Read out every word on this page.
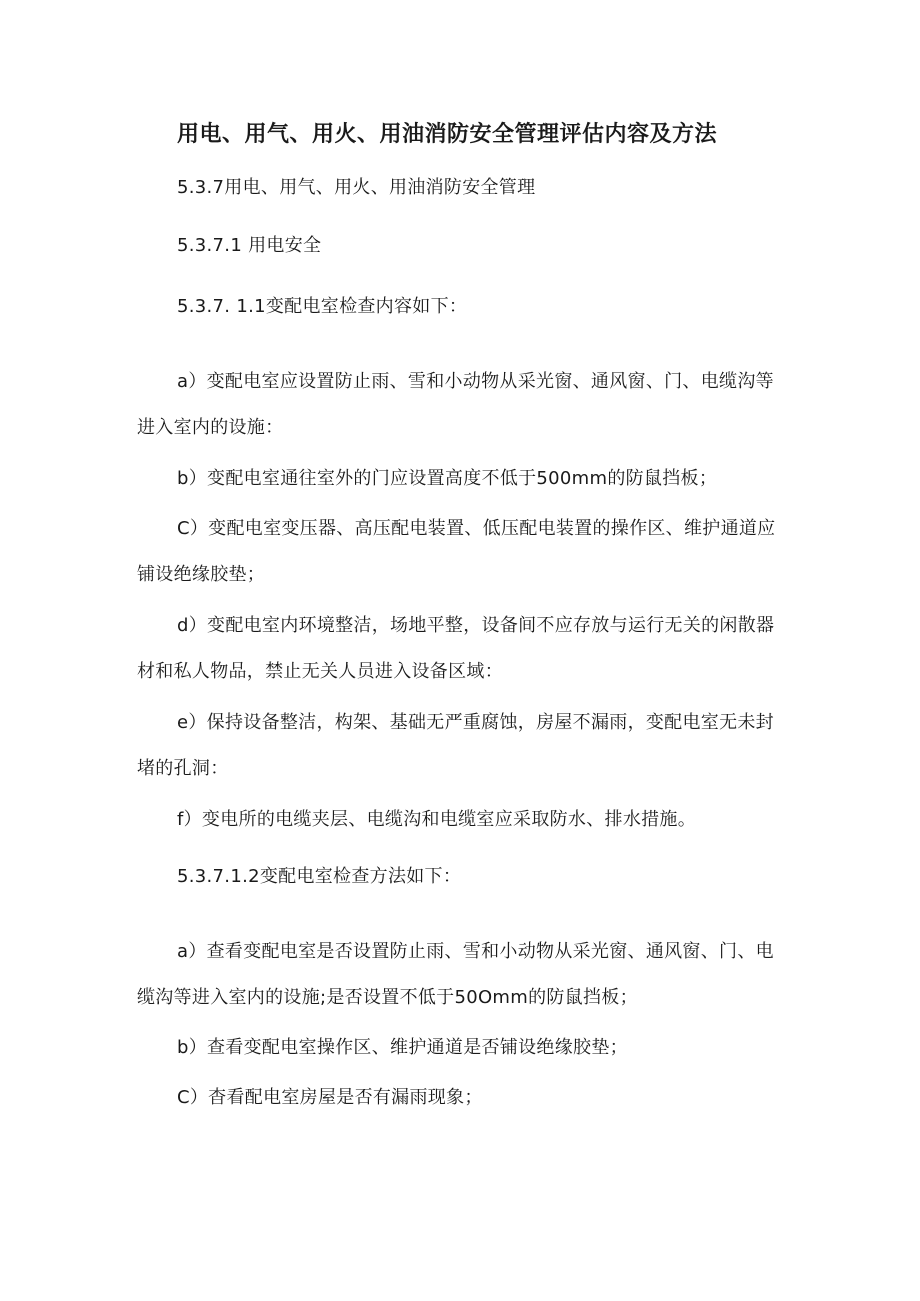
用电、用气、用火、用油消防安全管理评估内容及方法
5.3.7用电、用气、用火、用油消防安全管理
5.3.7.1 用电安全
5.3.7. 1.1变配电室检查内容如下：

a）变配电室应设置防止雨、雪和小动物从采光窗、通风窗、门、电缆沟等进入室内的设施：

b）变配电室通往室外的门应设置高度不低于500mm的防鼠挡板；

C）变配电室变压器、高压配电装置、低压配电装置的操作区、维护通道应铺设绝缘胶垫；

d）变配电室内环境整洁，场地平整，设备间不应存放与运行无关的闲散器材和私人物品，禁止无关人员进入设备区域：

e）保持设备整洁，构架、基础无严重腐蚀，房屋不漏雨，变配电室无未封堵的孔洞：

f）变电所的电缆夹层、电缆沟和电缆室应采取防水、排水措施。

5.3.7.1.2变配电室检查方法如下：

a）查看变配电室是否设置防止雨、雪和小动物从采光窗、通风窗、门、电缆沟等进入室内的设施;是否设置不低于50Omm的防鼠挡板；

b）查看变配电室操作区、维护通道是否铺设绝缘胶垫；

C）杳看配电室房屋是否有漏雨现象；
